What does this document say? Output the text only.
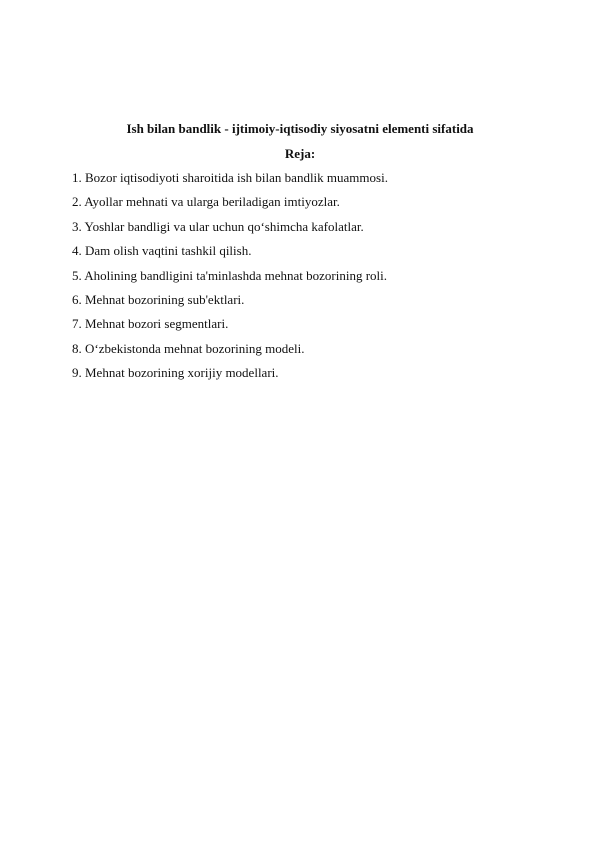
Ish bilan bandlik - ijtimoiy-iqtisodiy siyosatni elementi sifatida
Reja:
1. Bozor iqtisodiyoti sharoitida ish bilan bandlik muammosi.
2. Ayollar mehnati va ularga beriladigan imtiyozlar.
3. Yoshlar bandligi va ular uchun qo‘shimcha kafolatlar.
4. Dam olish vaqtini tashkil qilish.
5. Aholining bandligini ta'minlashda mehnat bozorining roli.
6. Mehnat bozorining sub'ektlari.
7. Mehnat bozori segmentlari.
8. O‘zbekistonda mehnat bozorining modeli.
9. Mehnat bozorining xorijiy modellari.
